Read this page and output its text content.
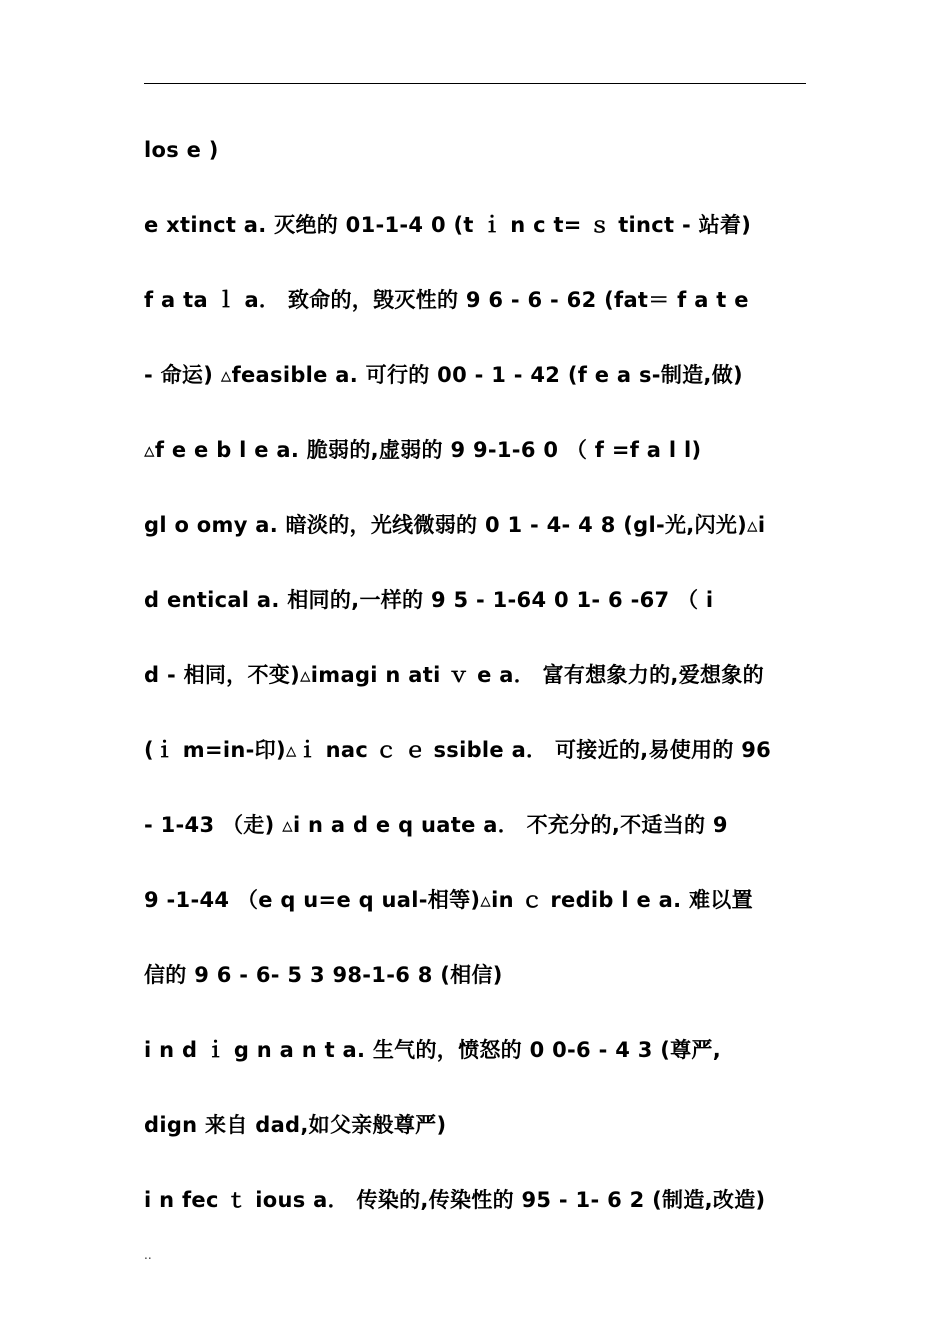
los e )
e xtinct a. 灭绝的 01-1-4 0 (t ｉ n c t= ｓ tinct - 站着)
f a ta ｌ a． 致命的，毁灭性的 9 6 - 6 - 62 (fat＝ f a t e
- 命运) ▵feasible a. 可行的 00 - 1 - 42 (f e a s-制造,做)
▵f e e b l e a. 脆弱的,虚弱的 9 9-1-6 0 （ f =f a l l)
gl o omy a. 暗淡的，光线微弱的 0 1 - 4- 4 8 (gl-光,闪光)▵i
d entical a. 相同的,一样的 9 5 - 1-64 0 1- 6 -67 （ i
d - 相同，不变)▵imagi n ati ｖ e a． 富有想象力的,爱想象的
(ｉ m=in-印)▵ｉ nac ｃ ｅ ssible a． 可接近的,易使用的 96
- 1-43 （走) ▵i n a d e q uate a． 不充分的,不适当的 9
9 -1-44 （e q u=e q ual-相等)▵in ｃ redib l e a. 难以置
信的 9 6 - 6- 5 3 98-1-6 8 (相信)
i n d ｉ g n a n t a. 生气的，愤怒的 0 0-6 - 4 3 (尊严,
dign 来自 dad,如父亲般尊严)
i n fec ｔ ious a． 传染的,传染性的 95 - 1- 6 2 (制造,改造)
..
